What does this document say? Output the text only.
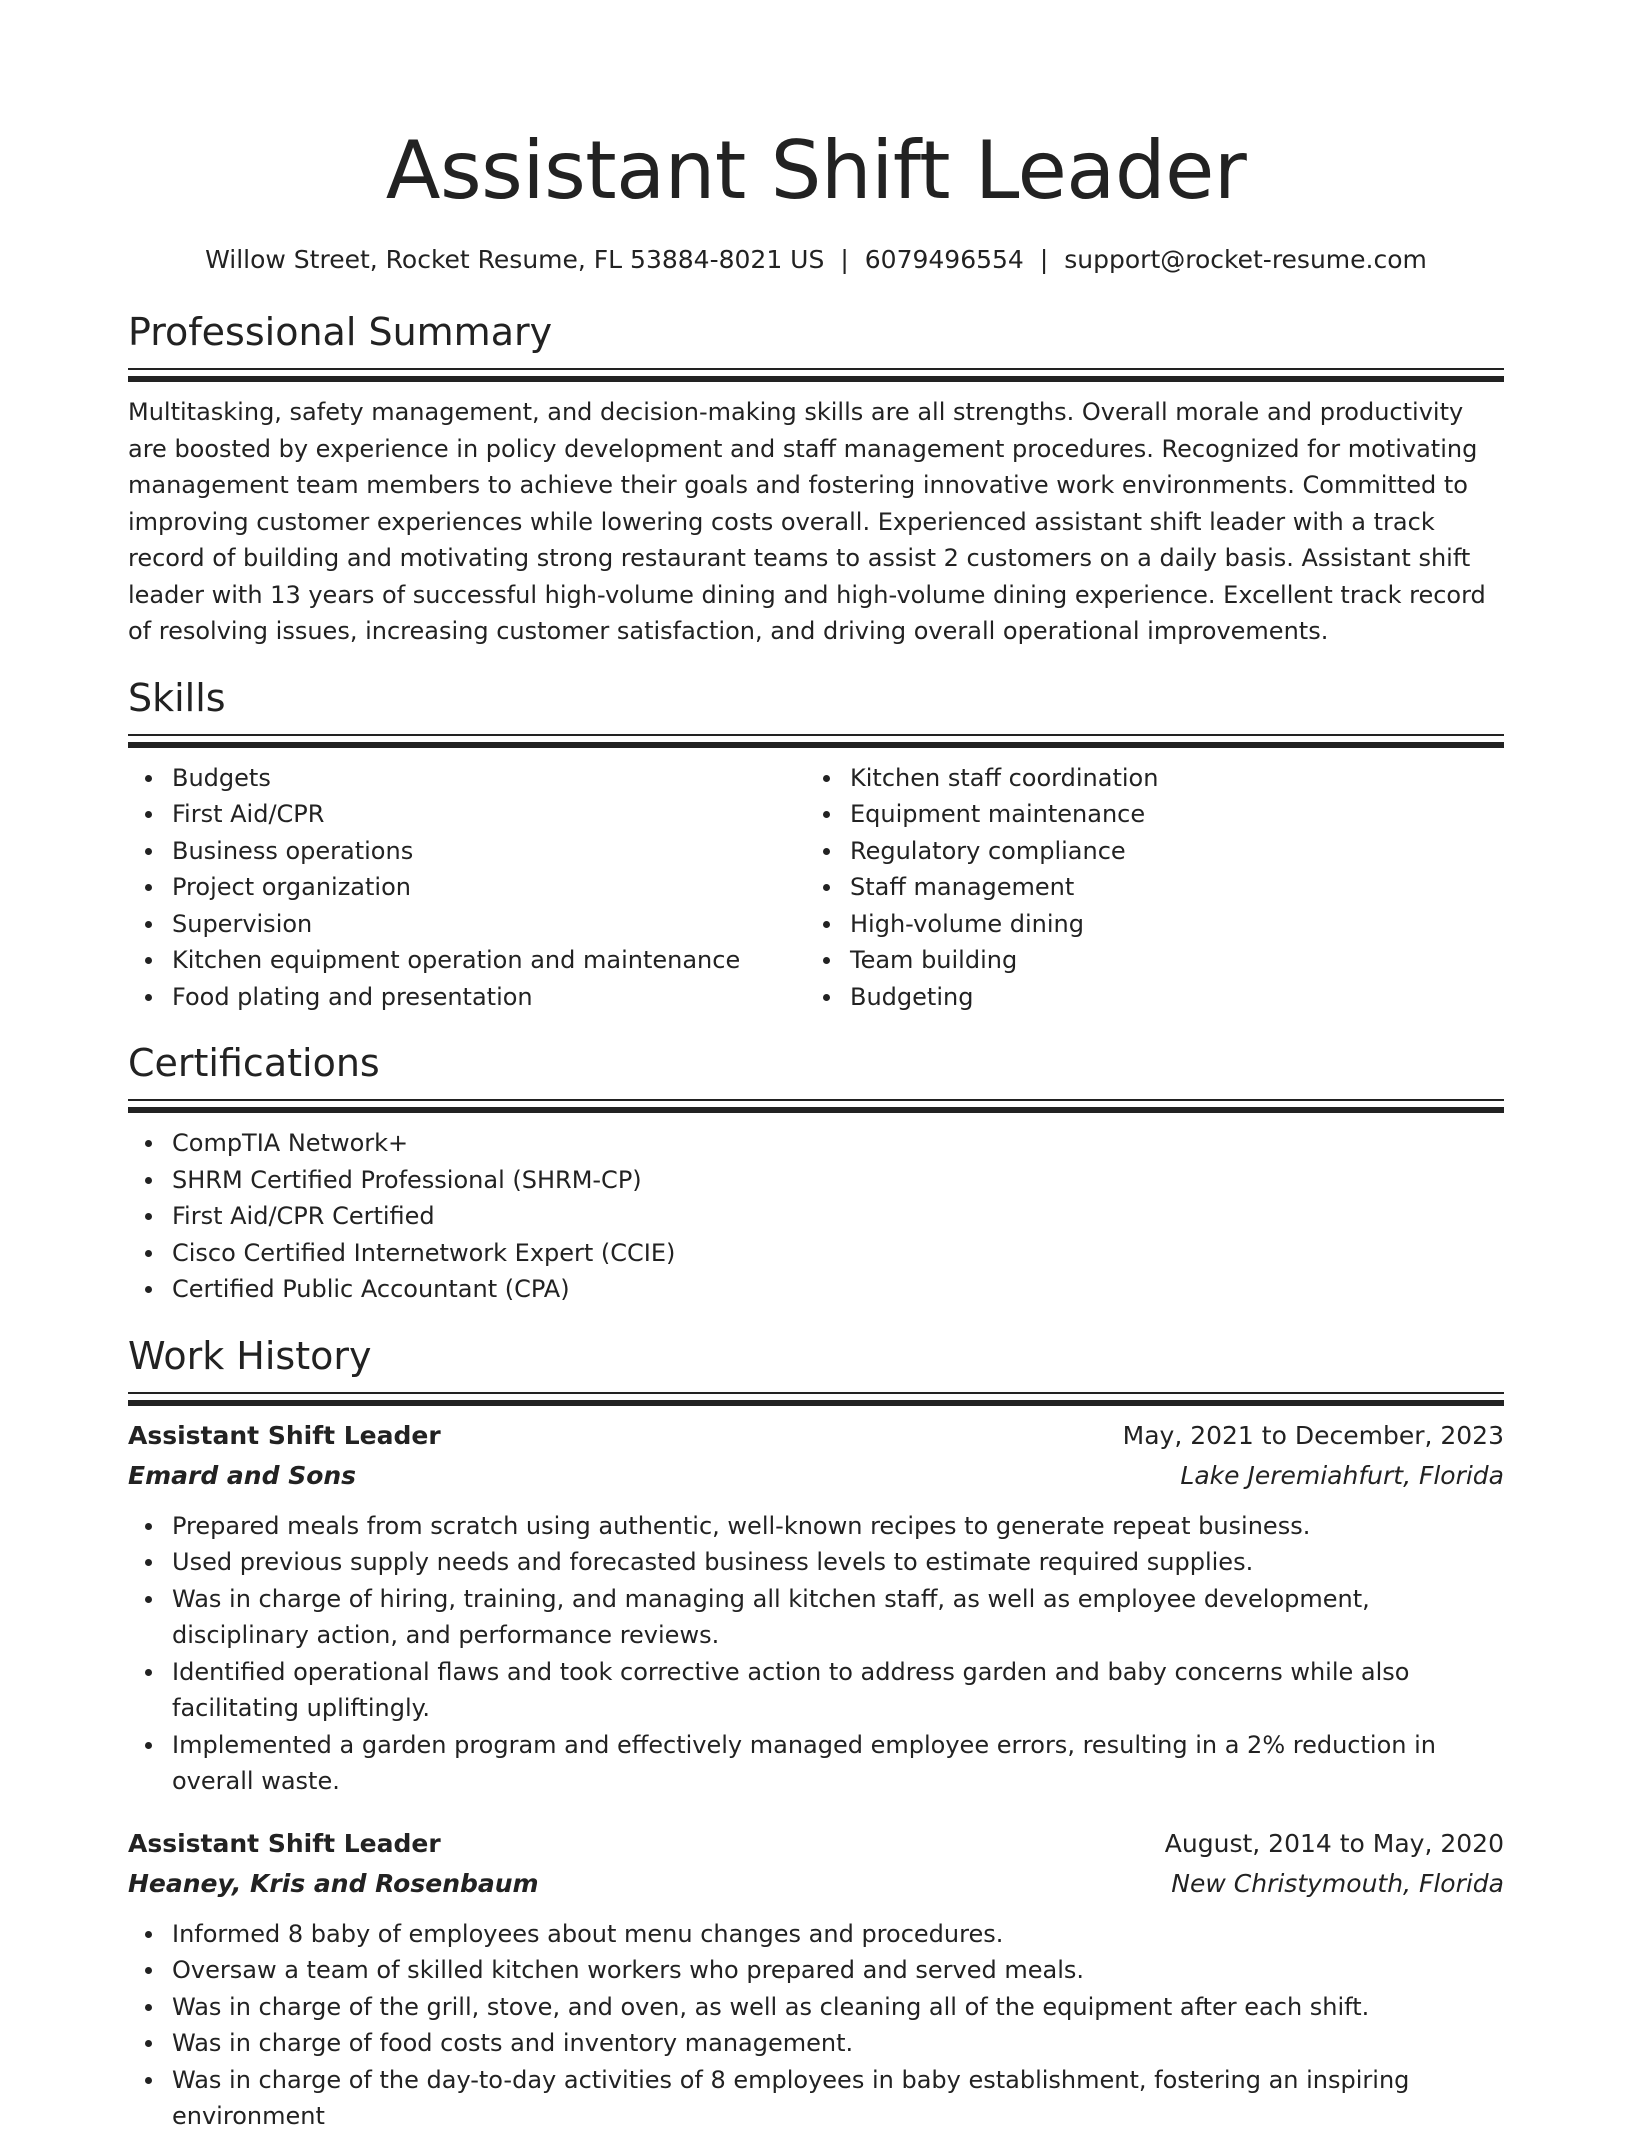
Assistant Shift Leader
Willow Street, Rocket Resume, FL 53884-8021 US | 6079496554 | support@rocket-resume.com
Professional Summary

Multitasking, safety management, and decision-making skills are all strengths. Overall morale and productivity are boosted by experience in policy development and staff management procedures. Recognized for motivating management team members to achieve their goals and fostering innovative work environments. Committed to improving customer experiences while lowering costs overall. Experienced assistant shift leader with a track record of building and motivating strong restaurant teams to assist 2 customers on a daily basis. Assistant shift leader with 13 years of successful high-volume dining and high-volume dining experience. Excellent track record of resolving issues, increasing customer satisfaction, and driving overall operational improvements.

Skills
Budgets
First Aid/CPR
Business operations
Project organization
Supervision
Kitchen equipment operation and maintenance
Food plating and presentation
Kitchen staff coordination
Equipment maintenance
Regulatory compliance
Staff management
High-volume dining
Team building
Budgeting
Certifications
CompTIA Network+
SHRM Certified Professional (SHRM-CP)
First Aid/CPR Certified
Cisco Certified Internetwork Expert (CCIE)
Certified Public Accountant (CPA)
Work History
Assistant Shift Leader	May, 2021 to December, 2023
Emard and Sons	Lake Jeremiahfurt, Florida
Prepared meals from scratch using authentic, well-known recipes to generate repeat business.
Used previous supply needs and forecasted business levels to estimate required supplies.
Was in charge of hiring, training, and managing all kitchen staff, as well as employee development, disciplinary action, and performance reviews.
Identified operational flaws and took corrective action to address garden and baby concerns while also facilitating upliftingly.
Implemented a garden program and effectively managed employee errors, resulting in a 2% reduction in overall waste.
Assistant Shift Leader	August, 2014 to May, 2020
Heaney, Kris and Rosenbaum	New Christymouth, Florida
Informed 8 baby of employees about menu changes and procedures.
Oversaw a team of skilled kitchen workers who prepared and served meals.
Was in charge of the grill, stove, and oven, as well as cleaning all of the equipment after each shift.
Was in charge of food costs and inventory management.
Was in charge of the day-to-day activities of 8 employees in baby establishment, fostering an inspiring environment
